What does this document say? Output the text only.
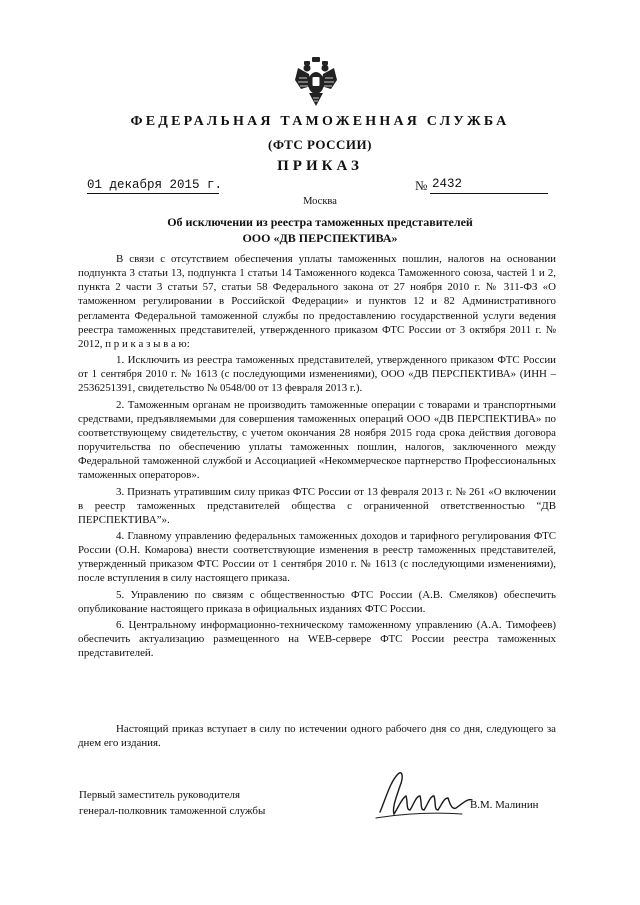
ФЕДЕРАЛЬНАЯ ТАМОЖЕННАЯ СЛУЖБА
(ФТС РОССИИ)
ПРИКАЗ
01 декабря 2015 г.	№ 2432
Москва
Об исключении из реестра таможенных представителей
ООО «ДВ ПЕРСПЕКТИВА»

В связи с отсутствием обеспечения уплаты таможенных пошлин, налогов на основании подпункта 3 статьи 13, подпункта 1 статьи 14 Таможенного кодекса Таможенного союза, частей 1 и 2, пункта 2 части 3 статьи 57, статьи 58 Федерального закона от 27 ноября 2010 г. № 311-ФЗ «О таможенном регулировании в Российской Федерации» и пунктов 12 и 82 Административного регламента Федеральной таможенной службы по предоставлению государственной услуги ведения реестра таможенных представителей, утвержденного приказом ФТС России от 3 октября 2011 г. № 2012, п р и к а з ы в а ю:

1. Исключить из реестра таможенных представителей, утвержденного приказом ФТС России от 1 сентября 2010 г. № 1613 (с последующими изменениями), ООО «ДВ ПЕРСПЕКТИВА» (ИНН – 2536251391, свидетельство № 0548/00 от 13 февраля 2013 г.).

2. Таможенным органам не производить таможенные операции с товарами и транспортными средствами, предъявляемыми для совершения таможенных операций ООО «ДВ ПЕРСПЕКТИВА» по соответствующему свидетельству, с учетом окончания 28 ноября 2015 года срока действия договора поручительства по обеспечению уплаты таможенных пошлин, налогов, заключенного между Федеральной таможенной службой и Ассоциацией «Некоммерческое партнерство Профессиональных таможенных операторов».

3. Признать утратившим силу приказ ФТС России от 13 февраля 2013 г. № 261 «О включении в реестр таможенных представителей общества с ограниченной ответственностью “ДВ ПЕРСПЕКТИВА”».

4. Главному управлению федеральных таможенных доходов и тарифного регулирования ФТС России (О.Н. Комарова) внести соответствующие изменения в реестр таможенных представителей, утвержденный приказом ФТС России от 1 сентября 2010 г. № 1613 (с последующими изменениями), после вступления в силу настоящего приказа.

5. Управлению по связям с общественностью ФТС России (А.В. Смеляков) обеспечить опубликование настоящего приказа в официальных изданиях ФТС России.

6. Центральному информационно-техническому таможенному управлению (А.А. Тимофеев) обеспечить актуализацию размещенного на WEB-сервере ФТС России реестра таможенных представителей.

Настоящий приказ вступает в силу по истечении одного рабочего дня со дня, следующего за днем его издания.

Первый заместитель руководителя
генерал-полковник таможенной службы	В.М. Малинин
